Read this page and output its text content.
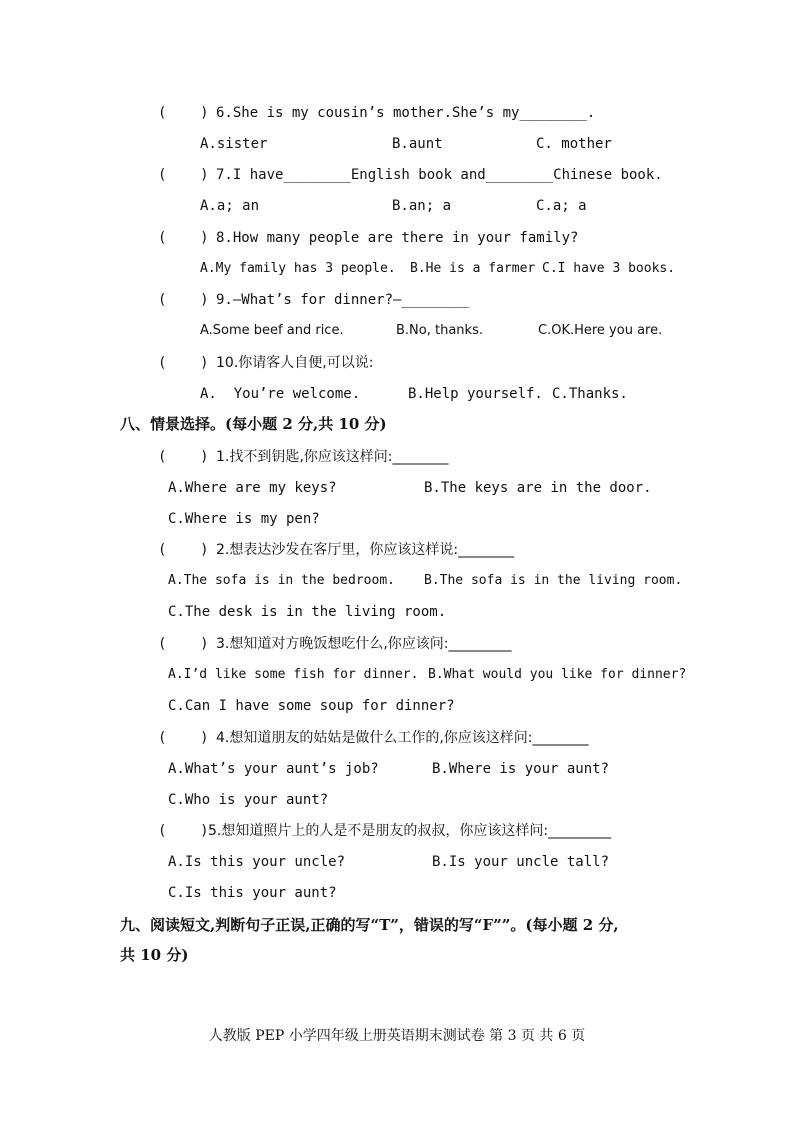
(    ) 6.She is my cousin’s mother.She’s my________.
A.sister	B.aunt	C. mother
(    ) 7.I have________English book and________Chinese book.
A.a; an	B.an; a	C.a; a
(    ) 8.How many people are there in your family?
A.My family has 3 people. B.He is a farmer C.I have 3 books.
(    ) 9.—What’s for dinner?—________
A.Some beef and rice.	B.No, thanks.	C.OK.Here you are.
(    ) 10.你请客人自便,可以说:
A.  You’re welcome.	B.Help yourself. C.Thanks.
八、情景选择。(每小题 2 分,共 10 分)
(    ) 1.找不到钥匙,你应该这样问:________
A.Where are my keys?	B.The keys are in the door.
C.Where is my pen?
(    ) 2.想表达沙发在客厅里，你应该这样说:________
A.The sofa is in the bedroom. B.The sofa is in the living room.
C.The desk is in the living room.
(    ) 3.想知道对方晚饭想吃什么,你应该问:_________
A.I’d like some fish for dinner. B.What would you like for dinner?
C.Can I have some soup for dinner?
(    ) 4.想知道朋友的姑姑是做什么工作的,你应该这样问:________
A.What’s your aunt’s job?	B.Where is your aunt?
C.Who is your aunt?
(    ) 5.想知道照片上的人是不是朋友的叔叔，你应该这样问:_________
A.Is this your uncle?	B.Is your uncle tall?
C.Is this your aunt?
九、阅读短文,判断句子正误,正确的写“T”，错误的写“F””。(每小题 2 分,
共 10 分)
人教版 PEP 小学四年级上册英语期末测试卷 第 3 页 共 6 页
